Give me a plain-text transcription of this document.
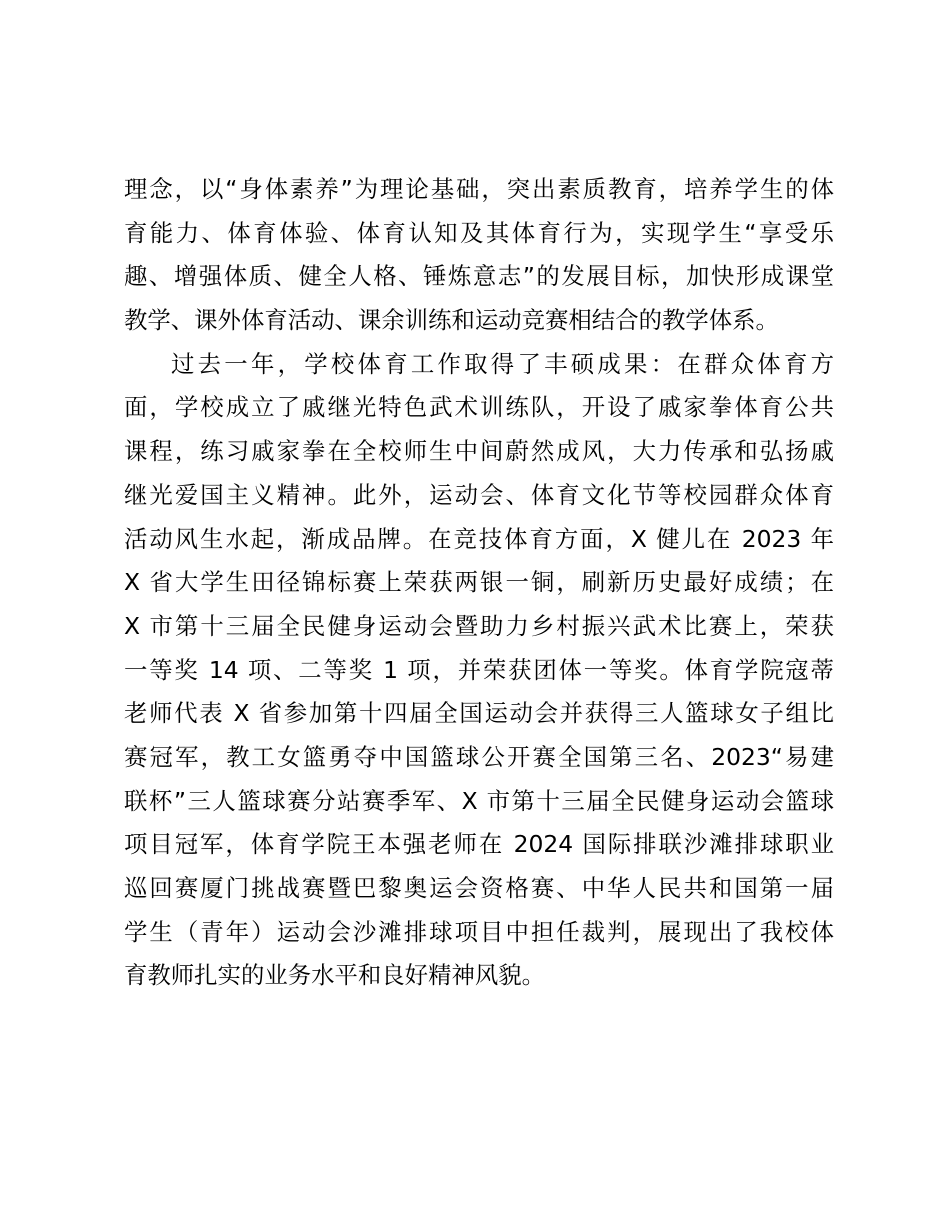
理念，以“身体素养”为理论基础，突出素质教育，培养学生的体
育能力、体育体验、体育认知及其体育行为，实现学生“享受乐
趣、增强体质、健全人格、锤炼意志”的发展目标，加快形成课堂
教学、课外体育活动、课余训练和运动竞赛相结合的教学体系。
过去一年，学校体育工作取得了丰硕成果：在群众体育方
面，学校成立了戚继光特色武术训练队，开设了戚家拳体育公共
课程，练习戚家拳在全校师生中间蔚然成风，大力传承和弘扬戚
继光爱国主义精神。此外，运动会、体育文化节等校园群众体育
活动风生水起，渐成品牌。在竞技体育方面，X 健儿在 2023 年
X 省大学生田径锦标赛上荣获两银一铜，刷新历史最好成绩；在
X 市第十三届全民健身运动会暨助力乡村振兴武术比赛上，荣获
一等奖 14 项、二等奖 1 项，并荣获团体一等奖。体育学院寇蒂
老师代表 X 省参加第十四届全国运动会并获得三人篮球女子组比
赛冠军，教工女篮勇夺中国篮球公开赛全国第三名、2023“易建
联杯”三人篮球赛分站赛季军、X 市第十三届全民健身运动会篮球
项目冠军，体育学院王本强老师在 2024 国际排联沙滩排球职业
巡回赛厦门挑战赛暨巴黎奥运会资格赛、中华人民共和国第一届
学生（青年）运动会沙滩排球项目中担任裁判，展现出了我校体
育教师扎实的业务水平和良好精神风貌。
